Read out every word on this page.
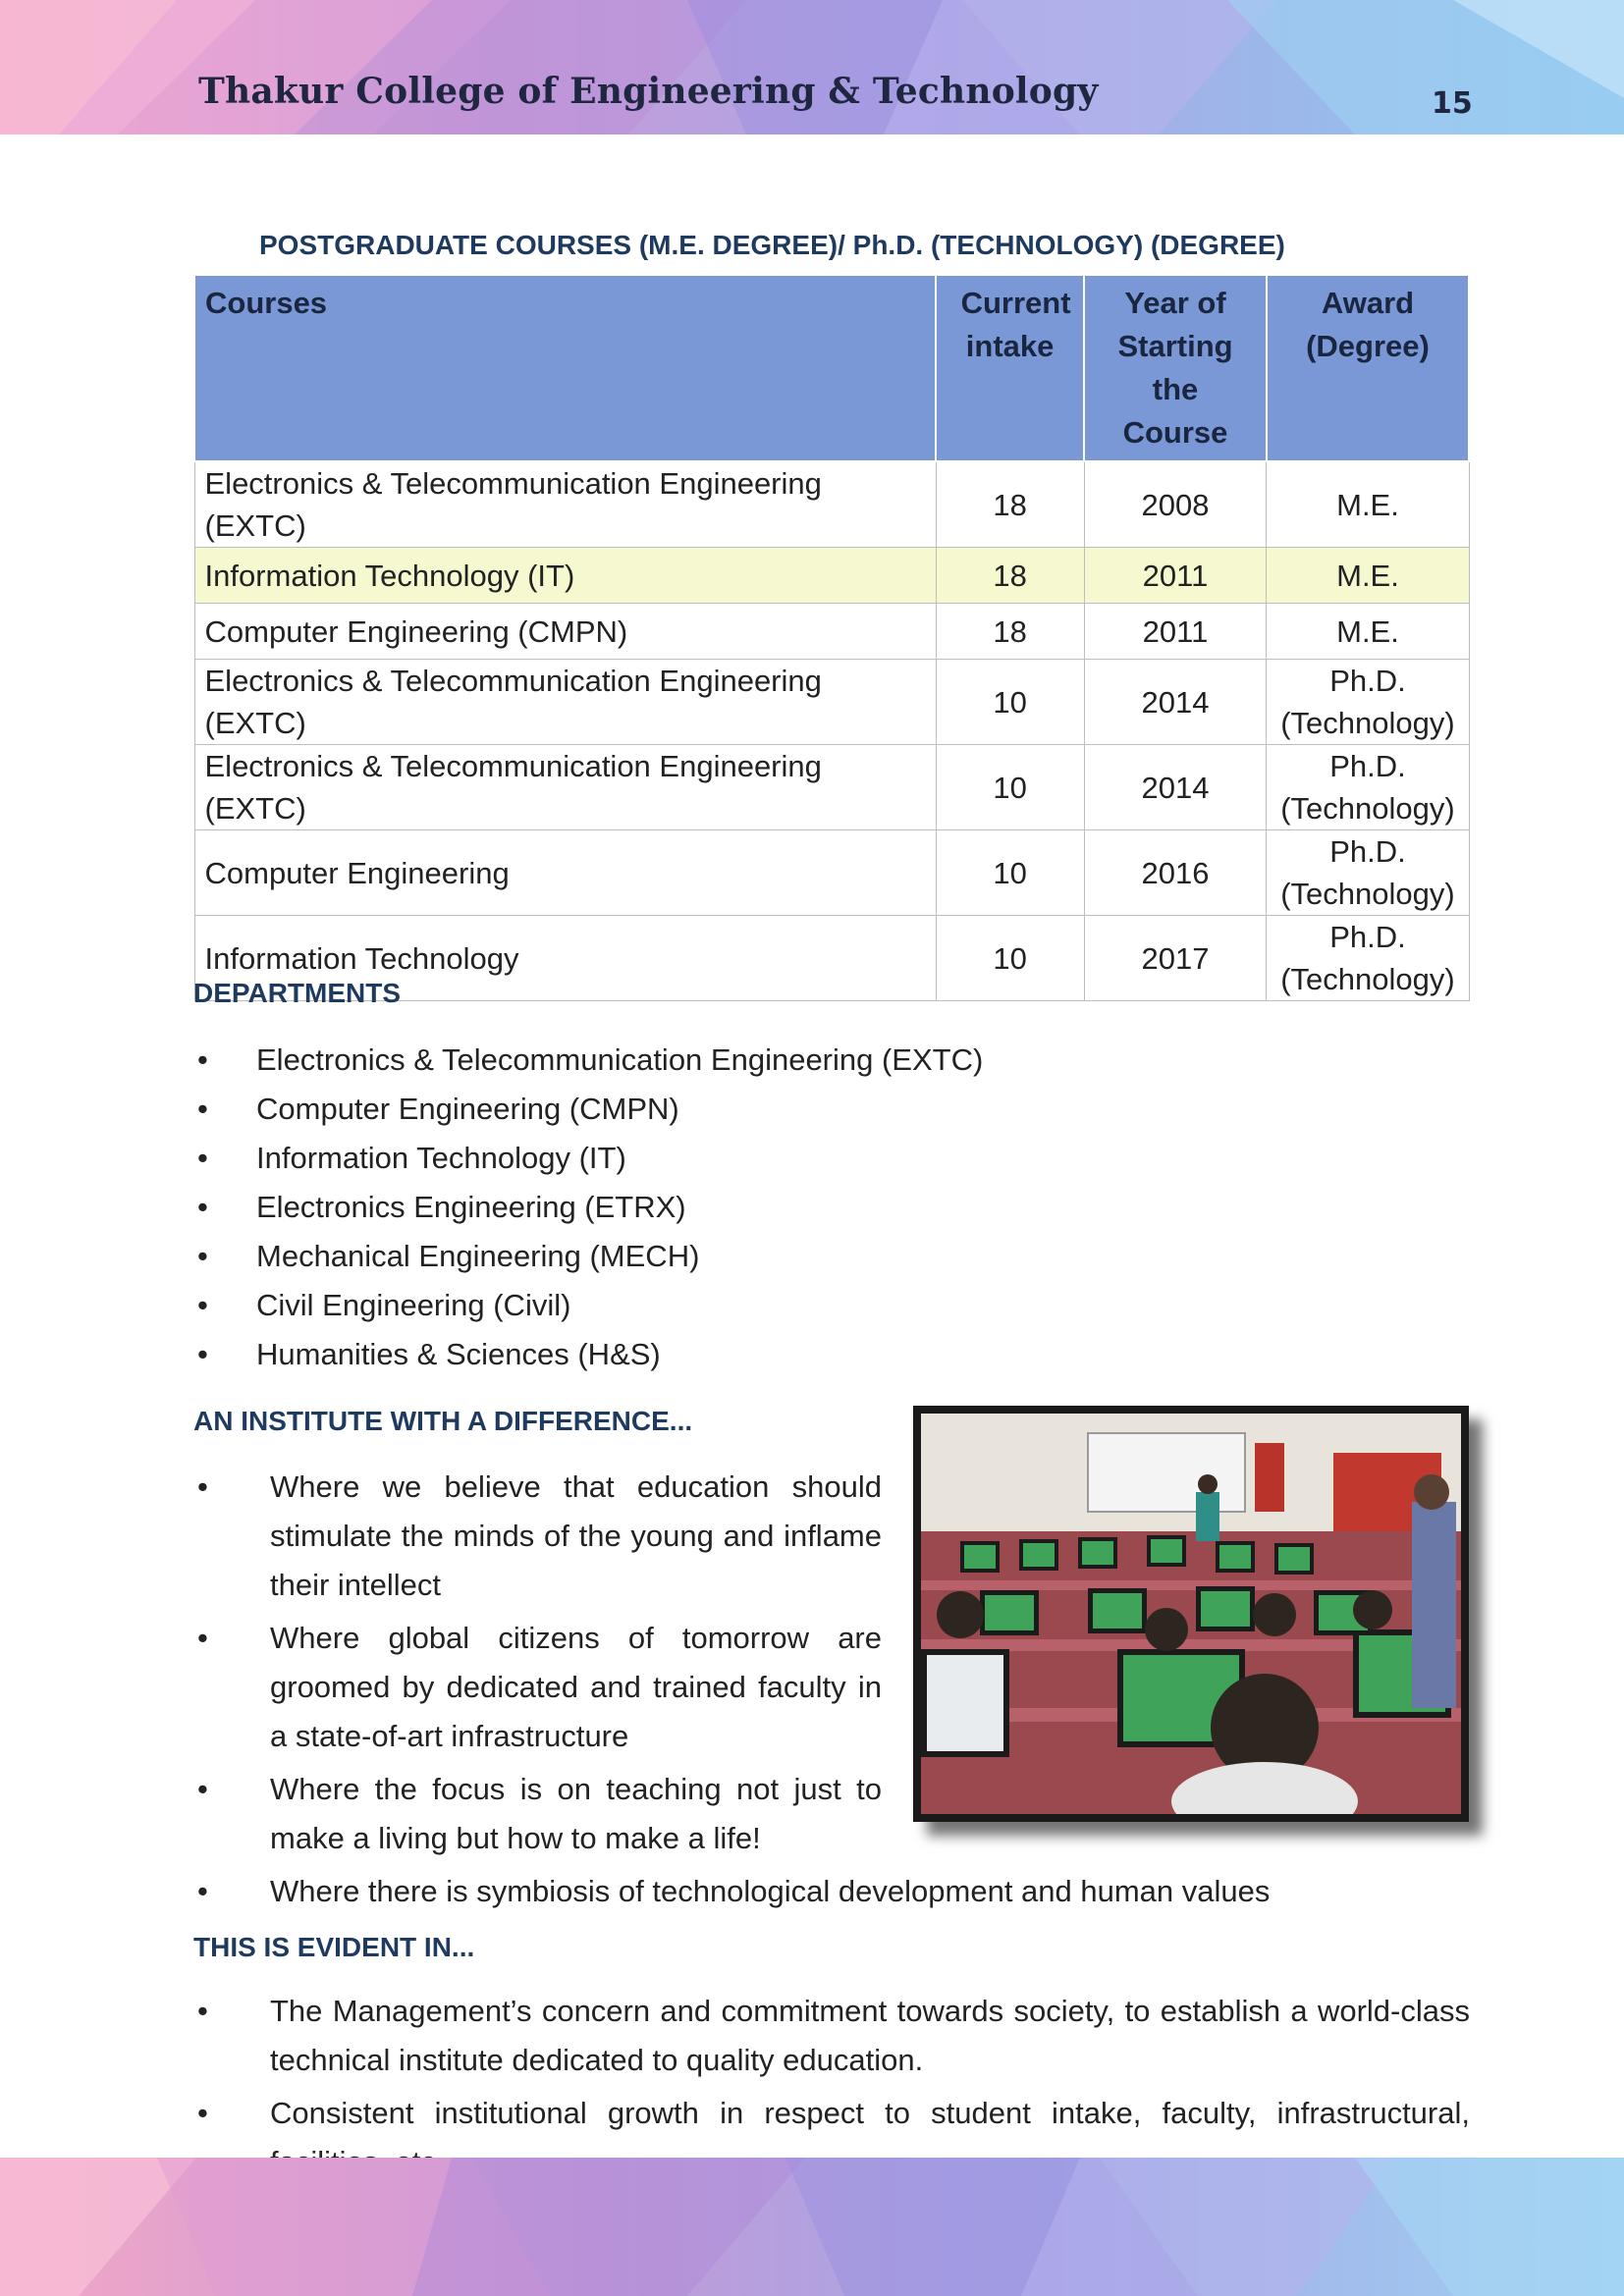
Thakur College of Engineering & Technology	15
POSTGRADUATE COURSES (M.E. DEGREE)/ Ph.D. (TECHNOLOGY) (DEGREE)
Courses	Current intake	Year of Starting the Course	Award (Degree)

Electronics & Telecommunication Engineering (EXTC)	18	2008	M.E.
Information Technology (IT)	18	2011	M.E.
Computer Engineering (CMPN)	18	2011	M.E.
Electronics & Telecommunication Engineering (EXTC)	10	2014	Ph.D. (Technology)

Electronics & Telecommunication Engineering (EXTC)	10	2014	Ph.D. (Technology)

Computer Engineering	10	2016	Ph.D. (Technology)

Information Technology	10	2017	Ph.D. (Technology)
DEPARTMENTS
• Electronics & Telecommunication Engineering (EXTC)
• Computer Engineering (CMPN)
• Information Technology (IT)
• Electronics Engineering (ETRX)
• Mechanical Engineering (MECH)
• Civil Engineering (Civil)
• Humanities & Sciences (H&S)
AN INSTITUTE WITH A DIFFERENCE...
• Where we believe that education should stimulate the minds of the young and inflame their intellect
• Where global citizens of tomorrow are groomed by dedicated and trained faculty in a state-of-art infrastructure
• Where the focus is on teaching not just to make a living but how to make a life!
• Where there is symbiosis of technological development and human values
THIS IS EVIDENT IN...
• The Management’s concern and commitment towards society, to establish a world-class technical institute dedicated to quality education.
• Consistent institutional growth in respect to student intake, faculty, infrastructural,
